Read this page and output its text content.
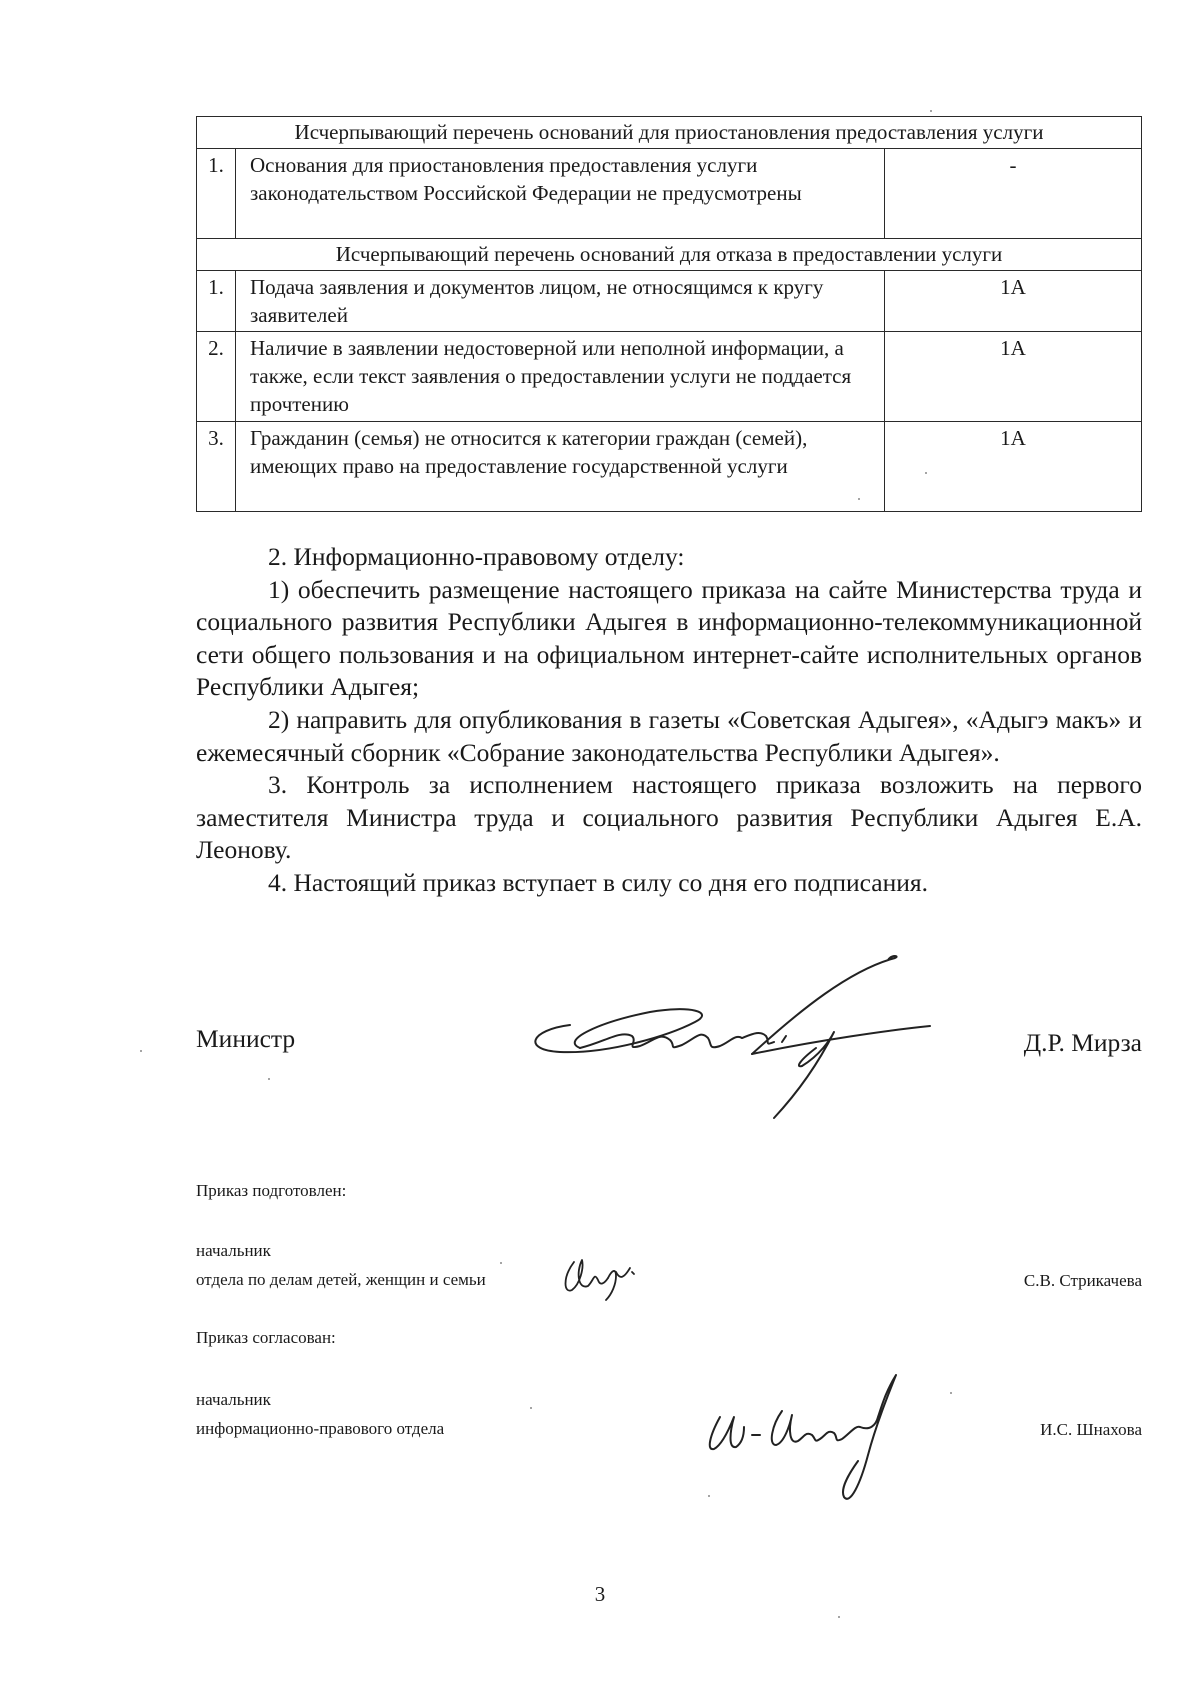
Исчерпывающий перечень оснований для приостановления предоставления услуги		
1.	Основания для приостановления предоставления услуги законодательством Российской Федерации не предусмотрены	-
Исчерпывающий перечень оснований для отказа в предоставлении услуги		
1.	Подача заявления и документов лицом, не относящимся к кругу заявителей	1А
2.	Наличие в заявлении недостоверной или неполной информации, а также, если текст заявления о предоставлении услуги не поддается прочтению	1А
3.	Гражданин (семья) не относится к категории граждан (семей), имеющих право на предоставление государственной услуги	1А

2. Информационно-правовому отделу:

1) обеспечить размещение настоящего приказа на сайте Министерства труда и социального развития Республики Адыгея в информационно-телекоммуникационной сети общего пользования и на официальном интернет-сайте исполнительных органов Республики Адыгея;

2) направить для опубликования в газеты «Советская Адыгея», «Адыгэ макъ» и ежемесячный сборник «Собрание законодательства Республики Адыгея».

3. Контроль за исполнением настоящего приказа возложить на первого заместителя Министра труда и социального развития Республики Адыгея Е.А. Леонову.

4. Настоящий приказ вступает в силу со дня его подписания.

Министр	Д.Р. Мирза
Приказ подготовлен:
начальник
отдела по делам детей, женщин и семьи	С.В. Стрикачева
Приказ согласован:
начальник
информационно-правового отдела	И.С. Шнахова
3
